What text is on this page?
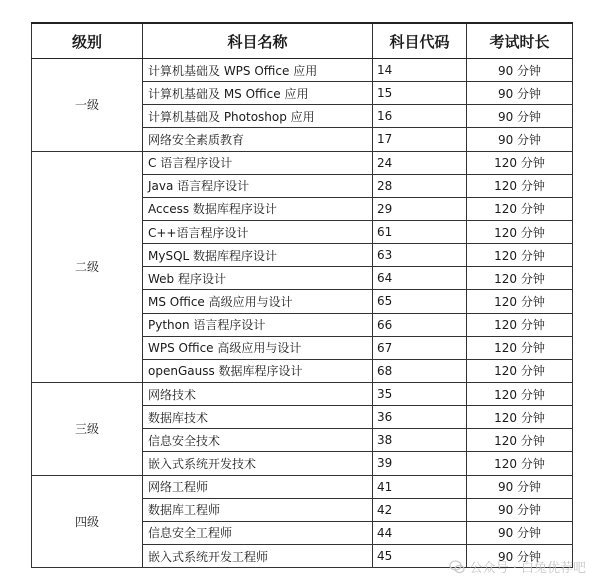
级别	科目名称	科目代码	考试时长
一级	计算机基础及 WPS Office 应用	14	90 分钟
	计算机基础及 MS Office 应用	15	90 分钟
	计算机基础及 Photoshop 应用	16	90 分钟
	网络安全素质教育	17	90 分钟
二级	C 语言程序设计	24	120 分钟
	Java 语言程序设计	28	120 分钟
	Access 数据库程序设计	29	120 分钟
	C++语言程序设计	61	120 分钟
	MySQL 数据库程序设计	63	120 分钟
	Web 程序设计	64	120 分钟
	MS Office 高级应用与设计	65	120 分钟
	Python 语言程序设计	66	120 分钟
	WPS Office 高级应用与设计	67	120 分钟
	openGauss 数据库程序设计	68	120 分钟
三级	网络技术	35	120 分钟
	数据库技术	36	120 分钟
	信息安全技术	38	120 分钟
	嵌入式系统开发技术	39	120 分钟
四级	网络工程师	41	90 分钟
	数据库工程师	42	90 分钟
	信息安全工程师	44	90 分钟
	嵌入式系统开发工程师	45	90 分钟
公众号 · 白兔优荐吧
